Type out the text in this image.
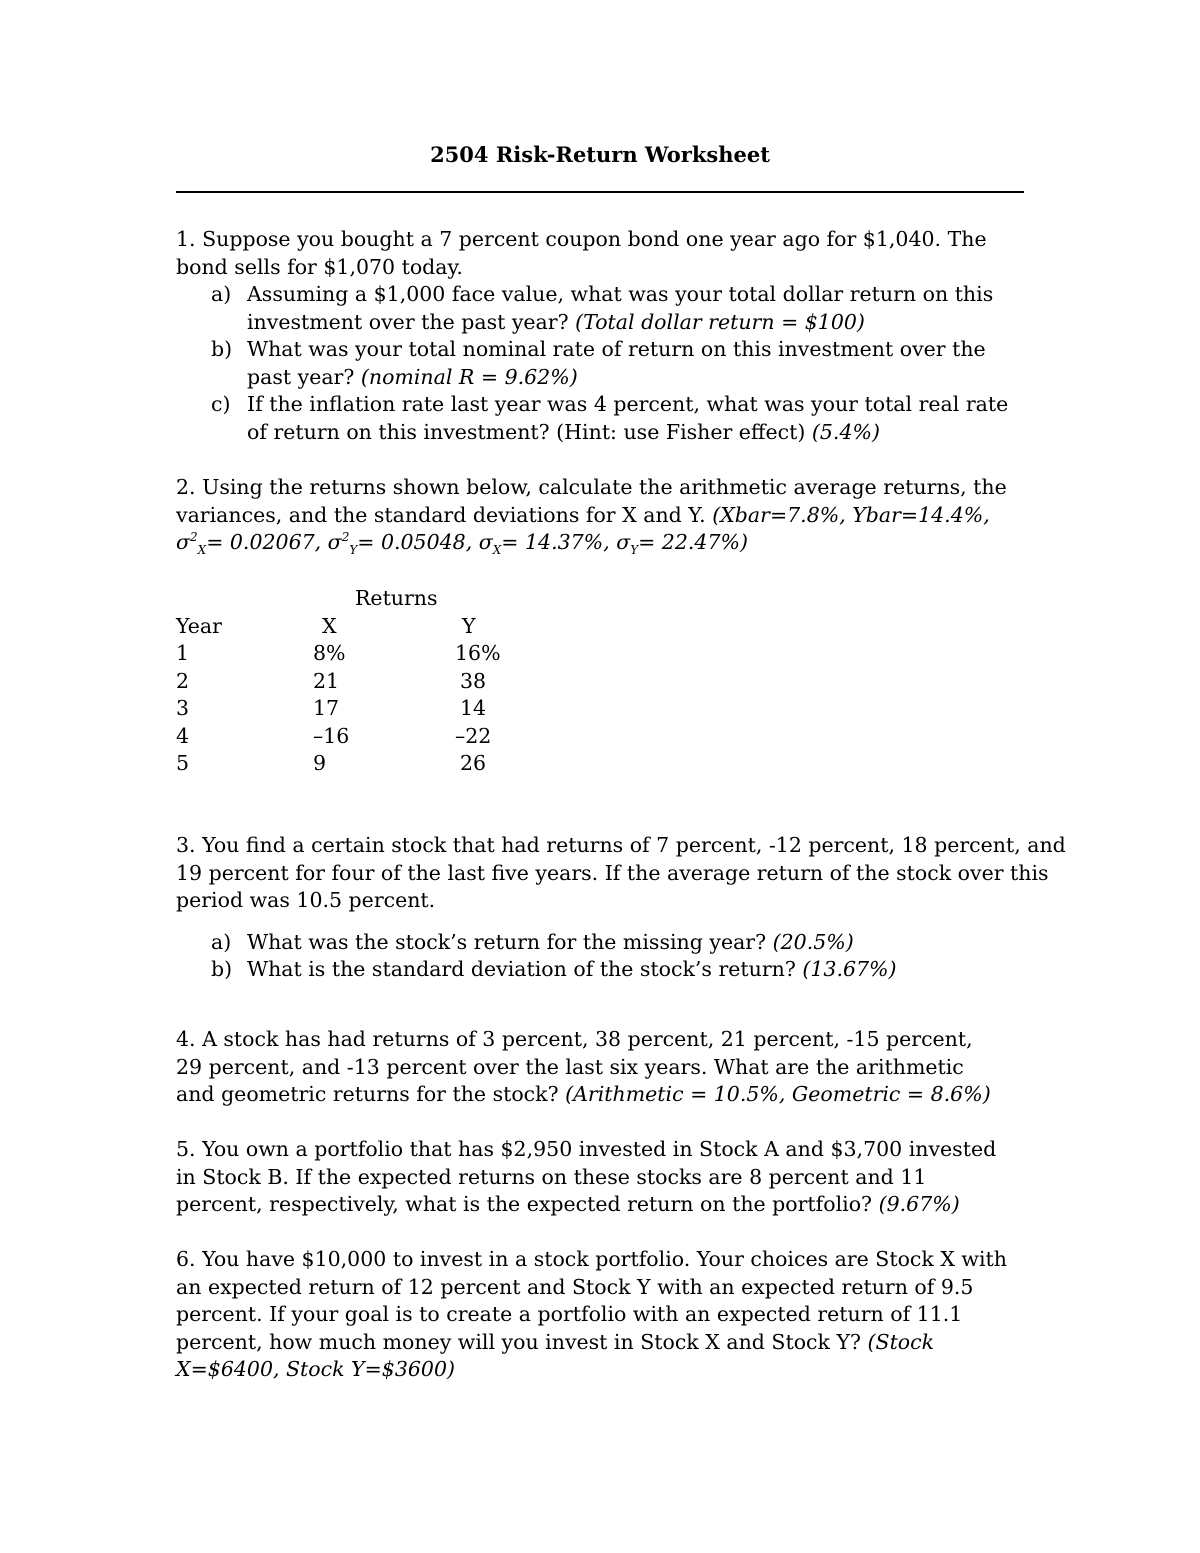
2504 Risk-Return Worksheet
1. Suppose you bought a 7 percent coupon bond one year ago for $1,040. The bond sells for $1,070 today.
a) Assuming a $1,000 face value, what was your total dollar return on this investment over the past year? (Total dollar return = $100)
b) What was your total nominal rate of return on this investment over the past year? (nominal R = 9.62%)
c) If the inflation rate last year was 4 percent, what was your total real rate of return on this investment? (Hint: use Fisher effect) (5.4%)
2. Using the returns shown below, calculate the arithmetic average returns, the variances, and the standard deviations for X and Y. (Xbar=7.8%, Ybar=14.4%, $\sigma^2_X= 0.02067$, $\sigma^2_Y= 0.05048$, $\sigma_X= 14.37\%$, $\sigma_Y= 22.47\%$)
	Returns	
Year	X	Y
1	8%	16%
2	21	38
3	17	14
4	–16	–22
5	9	26
3. You find a certain stock that had returns of 7 percent, -12 percent, 18 percent, and 19 percent for four of the last five years. If the average return of the stock over this period was 10.5 percent.
a) What was the stock’s return for the missing year? (20.5%)
b) What is the standard deviation of the stock’s return? (13.67%)
4. A stock has had returns of 3 percent, 38 percent, 21 percent, -15 percent, 29 percent, and -13 percent over the last six years. What are the arithmetic and geometric returns for the stock? (Arithmetic = 10.5%, Geometric = 8.6%)
5. You own a portfolio that has $2,950 invested in Stock A and $3,700 invested in Stock B. If the expected returns on these stocks are 8 percent and 11 percent, respectively, what is the expected return on the portfolio? (9.67%)
6. You have $10,000 to invest in a stock portfolio. Your choices are Stock X with an expected return of 12 percent and Stock Y with an expected return of 9.5 percent. If your goal is to create a portfolio with an expected return of 11.1 percent, how much money will you invest in Stock X and Stock Y? (Stock X=$6400, Stock Y=$3600)
